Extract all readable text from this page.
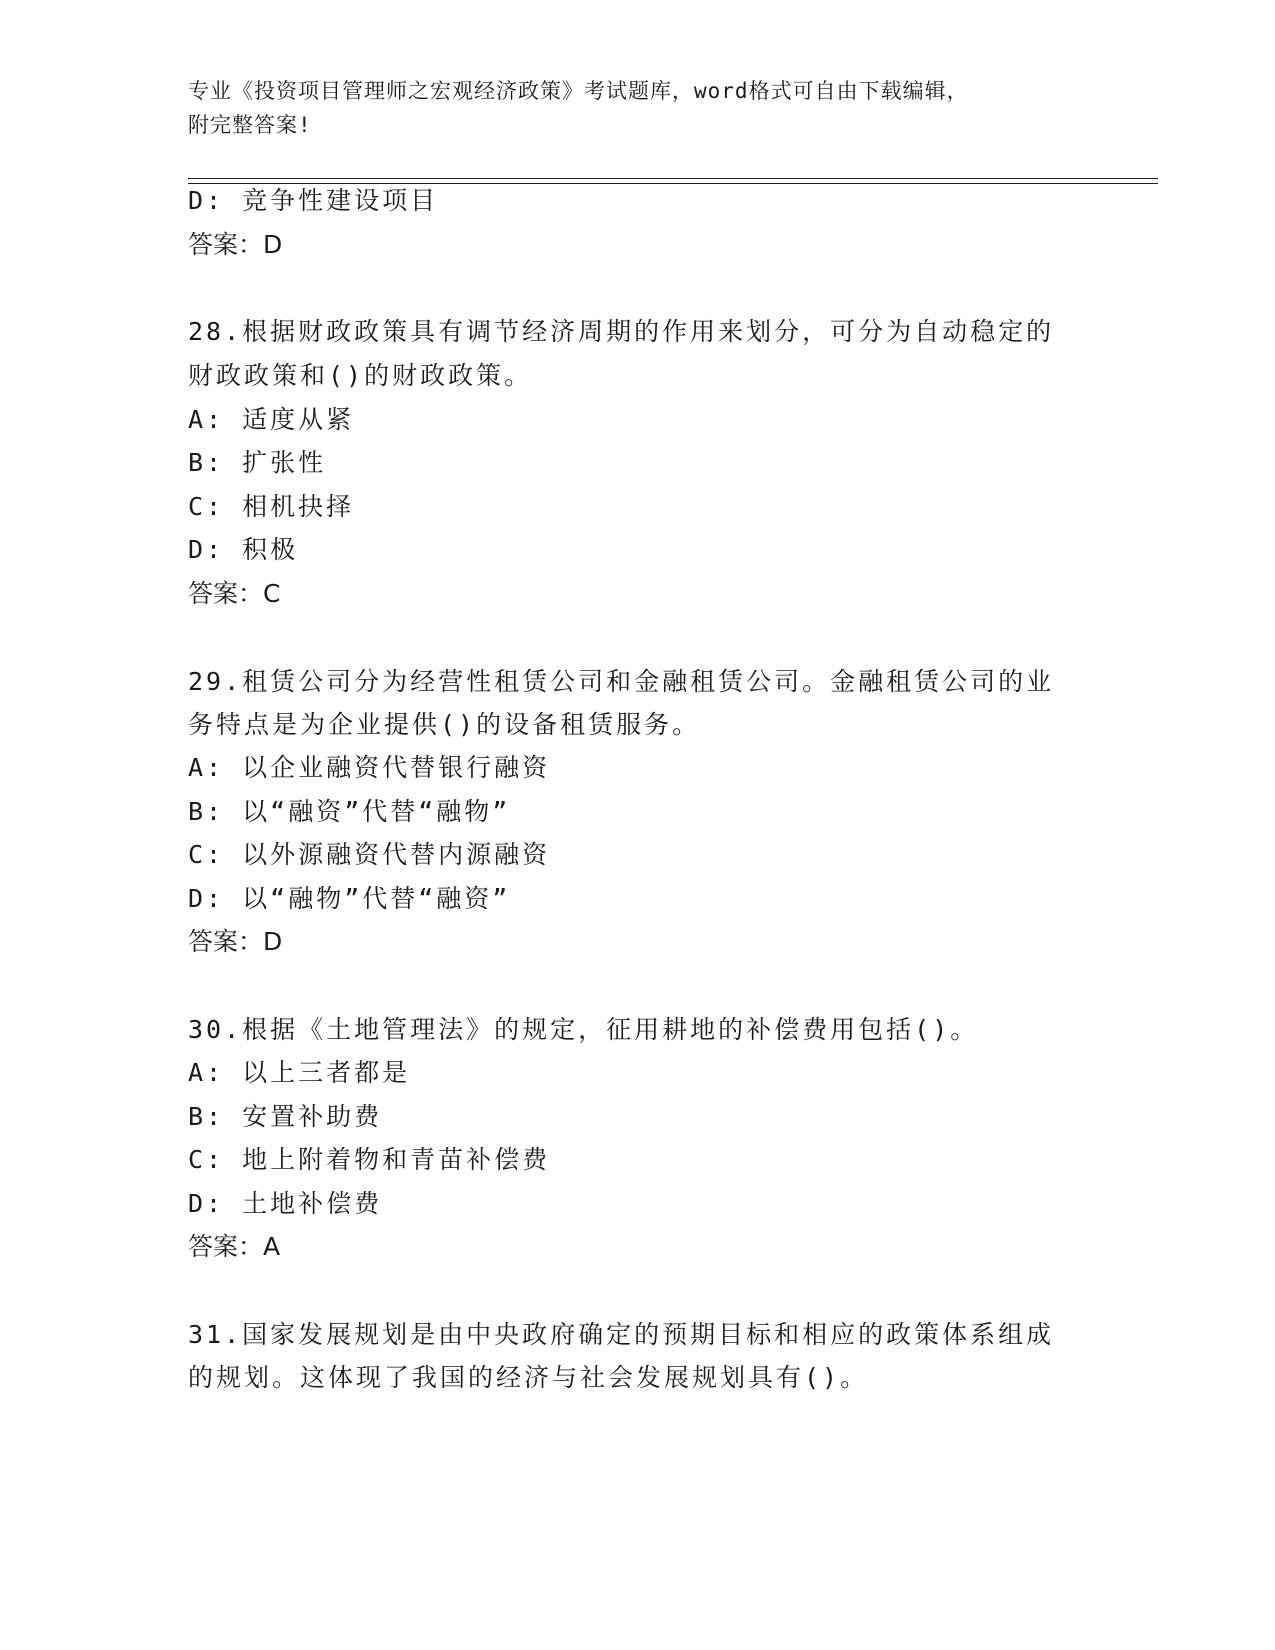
专业《投资项目管理师之宏观经济政策》考试题库，word格式可自由下载编辑，
附完整答案!
D: 竞争性建设项目
答案：D
28.根据财政政策具有调节经济周期的作用来划分，可分为自动稳定的
财政政策和()的财政政策。
A: 适度从紧
B: 扩张性
C: 相机抉择
D: 积极
答案：C
29.租赁公司分为经营性租赁公司和金融租赁公司。金融租赁公司的业
务特点是为企业提供()的设备租赁服务。
A: 以企业融资代替银行融资
B: 以“融资”代替“融物”
C: 以外源融资代替内源融资
D: 以“融物”代替“融资”
答案：D
30.根据《土地管理法》的规定，征用耕地的补偿费用包括()。
A: 以上三者都是
B: 安置补助费
C: 地上附着物和青苗补偿费
D: 土地补偿费
答案：A
31.国家发展规划是由中央政府确定的预期目标和相应的政策体系组成
的规划。这体现了我国的经济与社会发展规划具有()。
